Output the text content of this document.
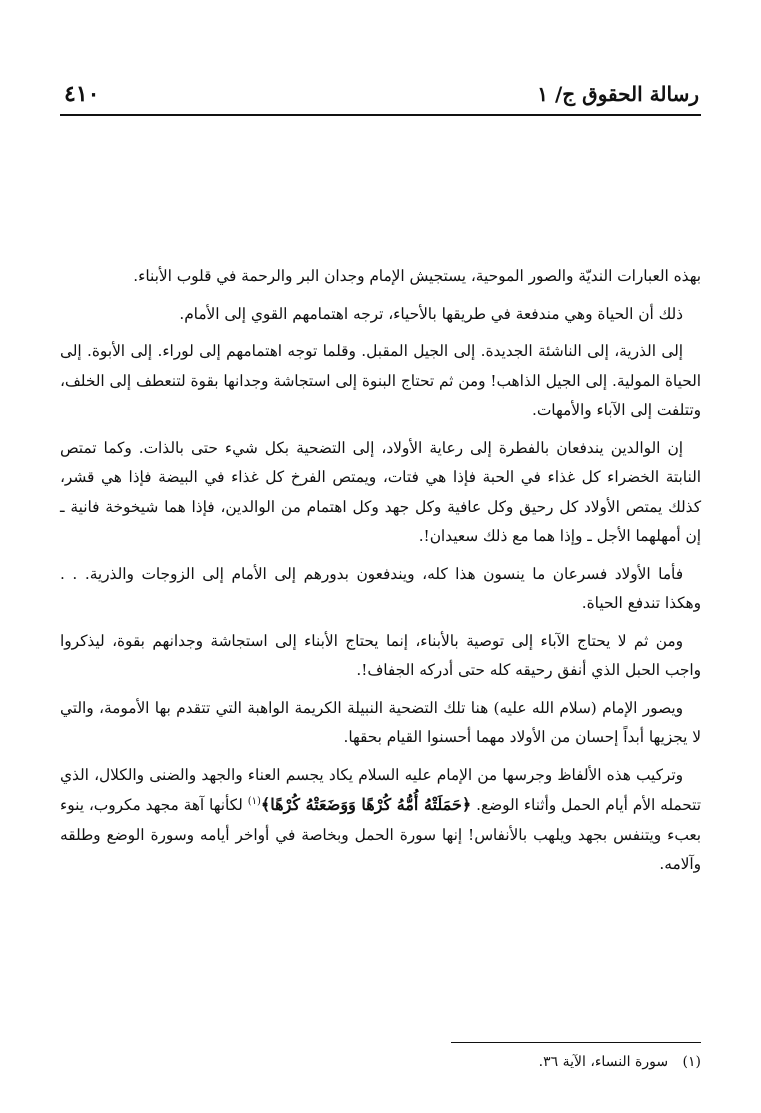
رسالة الحقوق ج/ ١
٤١٠

بهذه العبارات النديّة والصور الموحية، يستجيش الإمام وجدان البر والرحمة في قلوب الأبناء.

ذلك أن الحياة وهي مندفعة في طريقها بالأحياء، ترجه اهتمامهم القوي إلى الأمام.

إلى الذرية، إلى الناشئة الجديدة. إلى الجيل المقبل. وقلما توجه اهتمامهم إلى لوراء. إلى الأبوة. إلى الحياة المولية. إلى الجيل الذاهب! ومن ثم تحتاج البنوة إلى استجاشة وجدانها بقوة لتنعطف إلى الخلف، وتتلفت إلى الآباء والأمهات.

إن الوالدين يندفعان بالفطرة إلى رعاية الأولاد، إلى التضحية بكل شيء حتى بالذات. وكما تمتص النابتة الخضراء كل غذاء في الحبة فإذا هي فتات، ويمتص الفرخ كل غذاء في البيضة فإذا هي قشر، كذلك يمتص الأولاد كل رحيق وكل عافية وكل جهد وكل اهتمام من الوالدين، فإذا هما شيخوخة فانية ـ إن أمهلهما الأجل ـ وإذا هما مع ذلك سعيدان!.

فأما الأولاد فسرعان ما ينسون هذا كله، ويندفعون بدورهم إلى الأمام إلى الزوجات والذرية. . . وهكذا تندفع الحياة.

ومن ثم لا يحتاج الآباء إلى توصية بالأبناء، إنما يحتاج الأبناء إلى استجاشة وجدانهم بقوة، ليذكروا واجب الحبل الذي أنفق رحيقه كله حتى أدركه الجفاف!.

ويصور الإمام (سلام الله عليه) هنا تلك التضحية النبيلة الكريمة الواهبة التي تتقدم بها الأمومة، والتي لا يجزيها أبداً إحسان من الأولاد مهما أحسنوا القيام بحقها.

وتركيب هذه الألفاظ وجرسها من الإمام عليه السلام يكاد يجسم العناء والجهد والضنى والكلال، الذي تتحمله الأم أيام الحمل وأثناء الوضع. ﴿حَمَلَتْهُ أُمُّهُ كُرْهًا وَوَضَعَتْهُ كُرْهًا﴾$^{(١)}$ لكأنها آهة مجهد مكروب، ينوء بعبء ويتنفس بجهد ويلهب بالأنفاس! إنها سورة الحمل وبخاصة في أواخر أيامه وسورة الوضع وطلقه وآلامه.

(١) سورة النساء، الآية ٣٦.
